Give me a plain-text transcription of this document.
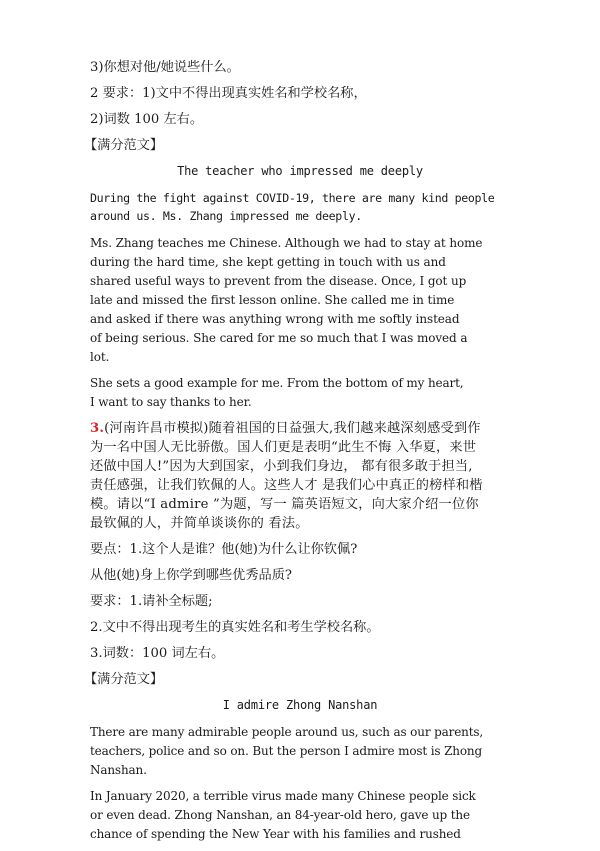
3)你想对他/她说些什么。

2 要求：1)文中不得出现真实姓名和学校名称，

2)词数 100 左右。

【满分范文】

The teacher who impressed me deeply

During the fight against COVID-19, there are many kind people
around us. Ms. Zhang impressed me deeply.
Ms. Zhang teaches me Chinese. Although we had to stay at home
during the hard time, she kept getting in touch with us and
shared useful ways to prevent from the disease. Once, I got up
late and missed the first lesson online. She called me in time
and asked if there was anything wrong with me softly instead
of being serious. She cared for me so much that I was moved a
lot.
She sets a good example for me. From the bottom of my heart,
I want to say thanks to her.
3.(河南许昌市模拟)随着祖国的日益强大,我们越来越深刻感受到作
为一名中国人无比骄傲。国人们更是表明“此生不悔 入华夏，来世
还做中国人!”因为大到国家，小到我们身边， 都有很多敢于担当,
责任感强，让我们钦佩的人。这些人才 是我们心中真正的榜样和楷
模。请以“I admire ”为题，写一 篇英语短文，向大家介绍一位你
最钦佩的人，并简单谈谈你的 看法。

要点：1.这个人是谁？他(她)为什么让你钦佩?

从他(她)身上你学到哪些优秀品质?

要求：1.请补全标题;

2.文中不得出现考生的真实姓名和考生学校名称。

3.词数：100 词左右。

【满分范文】

I admire Zhong Nanshan

There are many admirable people around us, such as our parents,
teachers, police and so on. But the person I admire most is Zhong
Nanshan.
In January 2020, a terrible virus made many Chinese people sick
or even dead. Zhong Nanshan, an 84-year-old hero, gave up the
chance of spending the New Year with his families and rushed
